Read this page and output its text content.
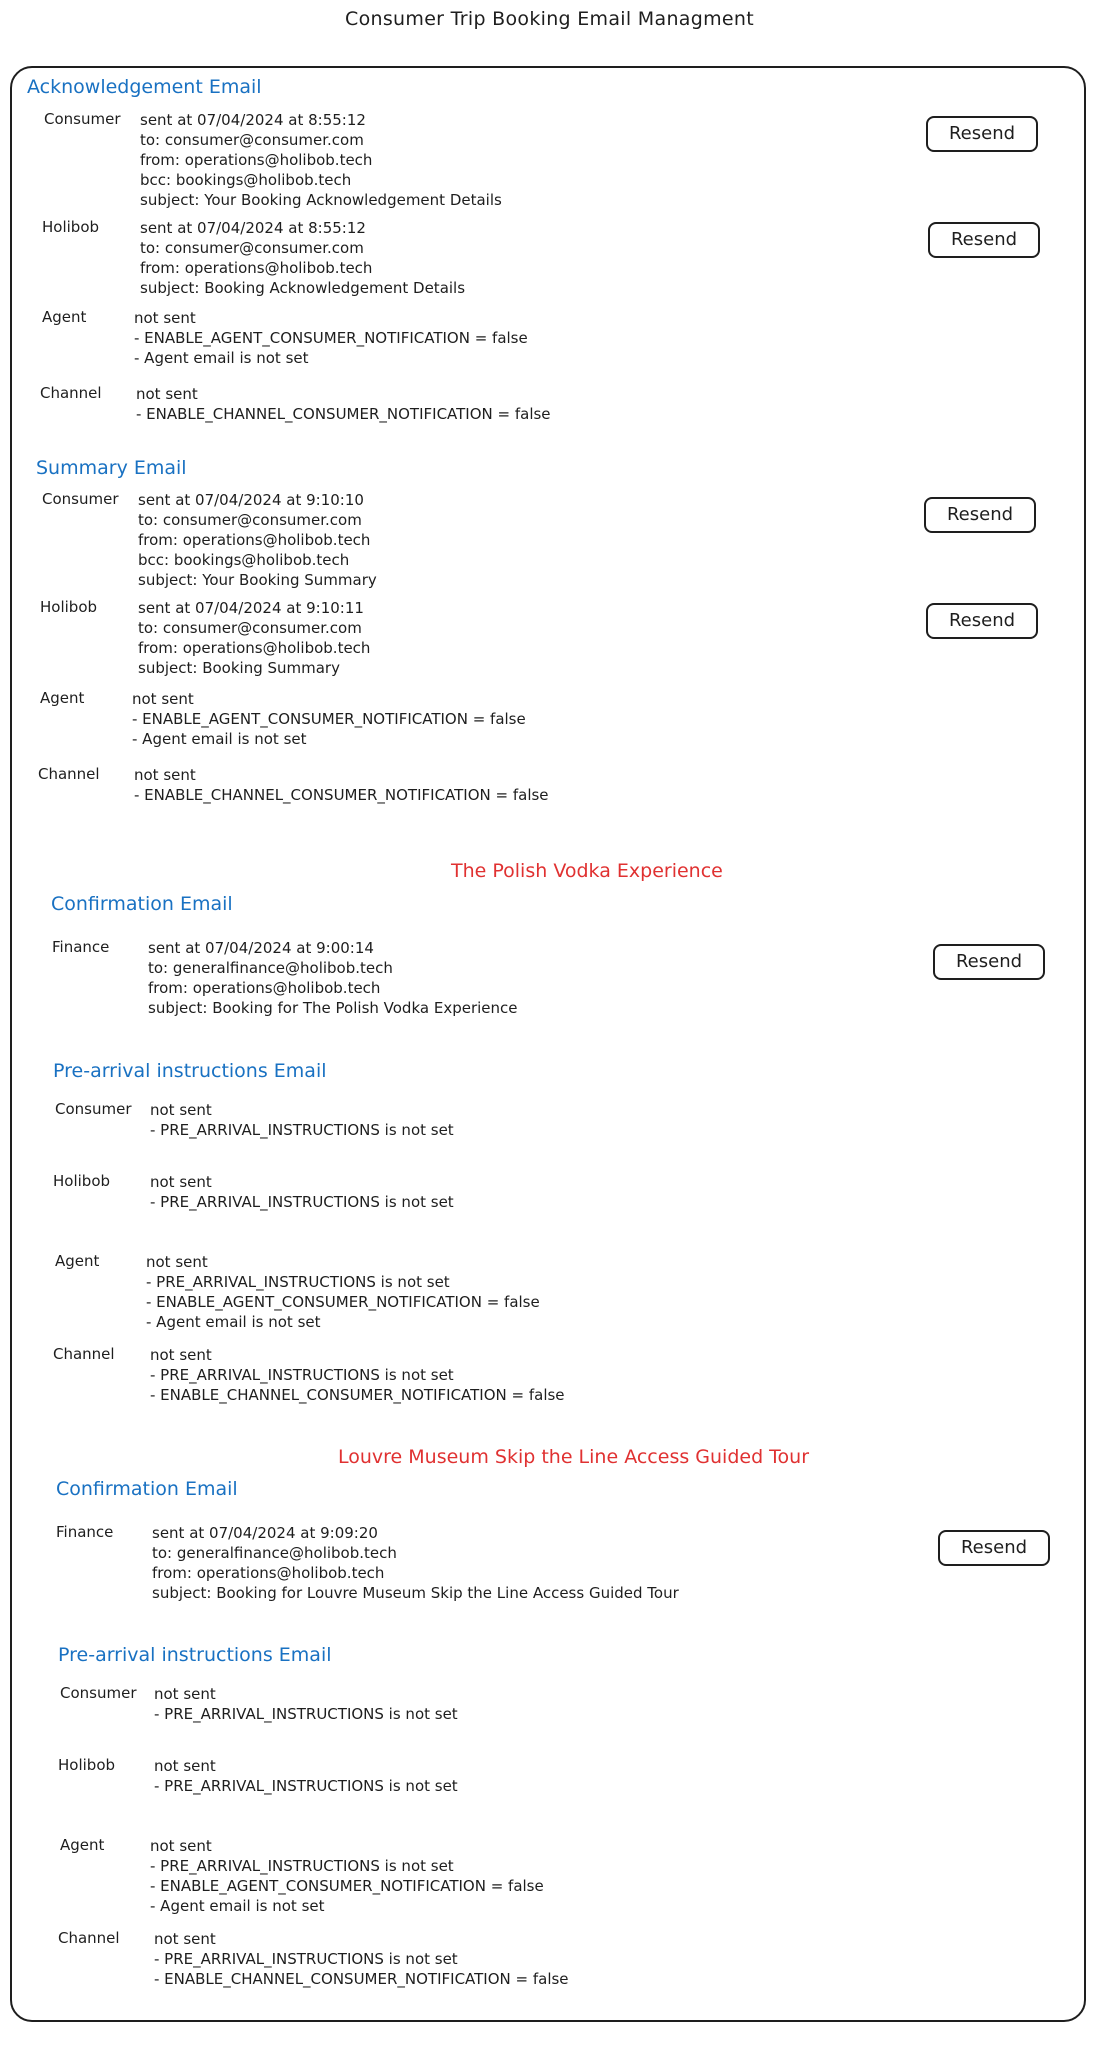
Consumer Trip Booking Email Managment
Acknowledgement Email
Consumer sent at 07/04/2024 at 8:55:12
to: consumer@consumer.com
from: operations@holibob.tech
bcc: bookings@holibob.tech
subject: Your Booking Acknowledgement Details
Resend
Holibob	sent at 07/04/2024 at 8:55:12
to: consumer@consumer.com
from: operations@holibob.tech
subject: Booking Acknowledgement Details
Resend
Agent	not sent
- ENABLE_AGENT_CONSUMER_NOTIFICATION = false
- Agent email is not set
Channel not sent
- ENABLE_CHANNEL_CONSUMER_NOTIFICATION = false
Summary Email
Consumer sent at 07/04/2024 at 9:10:10
to: consumer@consumer.com
from: operations@holibob.tech
bcc: bookings@holibob.tech
subject: Your Booking Summary
Resend
Holibob	sent at 07/04/2024 at 9:10:11
to: consumer@consumer.com
from: operations@holibob.tech
subject: Booking Summary
Resend
Agent	not sent
- ENABLE_AGENT_CONSUMER_NOTIFICATION = false
- Agent email is not set
Channel not sent
- ENABLE_CHANNEL_CONSUMER_NOTIFICATION = false
The Polish Vodka Experience
Confirmation Email
Finance	sent at 07/04/2024 at 9:00:14
to: generalfinance@holibob.tech
from: operations@holibob.tech
subject: Booking for The Polish Vodka Experience
Resend
Pre-arrival instructions Email
Consumer not sent
- PRE_ARRIVAL_INSTRUCTIONS is not set
Holibob	not sent
- PRE_ARRIVAL_INSTRUCTIONS is not set
Agent	not sent
- PRE_ARRIVAL_INSTRUCTIONS is not set
- ENABLE_AGENT_CONSUMER_NOTIFICATION = false
- Agent email is not set
Channel not sent
- PRE_ARRIVAL_INSTRUCTIONS is not set
- ENABLE_CHANNEL_CONSUMER_NOTIFICATION = false
Louvre Museum Skip the Line Access Guided Tour
Confirmation Email
Finance	sent at 07/04/2024 at 9:09:20
to: generalfinance@holibob.tech
from: operations@holibob.tech
subject: Booking for Louvre Museum Skip the Line Access Guided Tour
Resend
Pre-arrival instructions Email
Consumer not sent
- PRE_ARRIVAL_INSTRUCTIONS is not set
Holibob	not sent
- PRE_ARRIVAL_INSTRUCTIONS is not set
Agent	not sent
- PRE_ARRIVAL_INSTRUCTIONS is not set
- ENABLE_AGENT_CONSUMER_NOTIFICATION = false
- Agent email is not set
Channel not sent
- PRE_ARRIVAL_INSTRUCTIONS is not set
- ENABLE_CHANNEL_CONSUMER_NOTIFICATION = false
